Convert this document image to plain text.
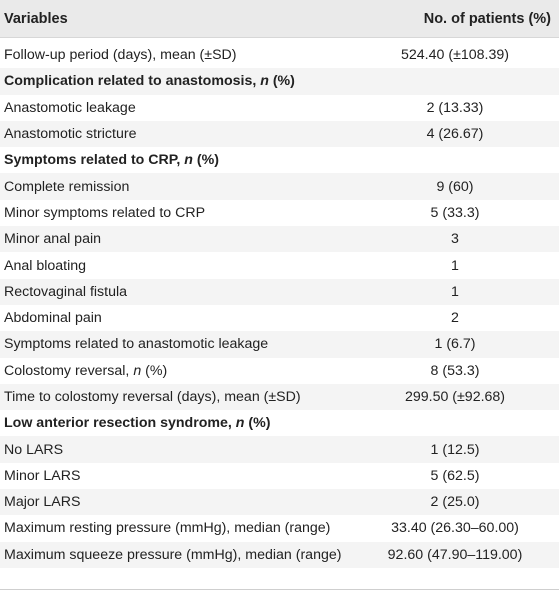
Variables	No. of patients (%)
Follow-up period (days), mean (±SD)	524.40 (±108.39)
Complication related to anastomosis, n (%)
Anastomotic leakage	2 (13.33)
Anastomotic stricture	4 (26.67)
Symptoms related to CRP, n (%)
Complete remission	9 (60)
Minor symptoms related to CRP	5 (33.3)
Minor anal pain	3
Anal bloating	1
Rectovaginal fistula	1
Abdominal pain	2
Symptoms related to anastomotic leakage	1 (6.7)
Colostomy reversal, n (%)	8 (53.3)
Time to colostomy reversal (days), mean (±SD)	299.50 (±92.68)
Low anterior resection syndrome, n (%)
No LARS	1 (12.5)
Minor LARS	5 (62.5)
Major LARS	2 (25.0)
Maximum resting pressure (mmHg), median (range)	33.40 (26.30–60.00)
Maximum squeeze pressure (mmHg), median (range)	92.60 (47.90–119.00)
